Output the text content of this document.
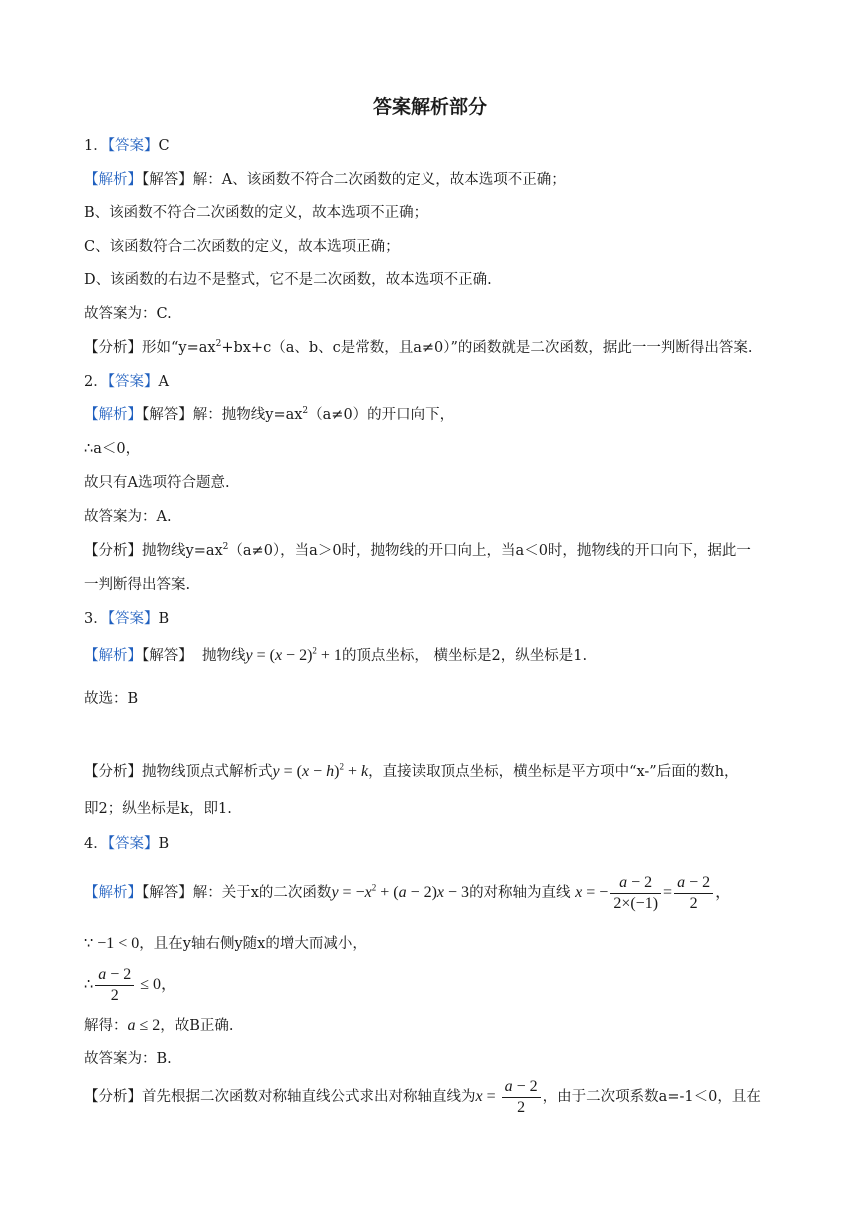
答案解析部分
1．【答案】C
【解析】【解答】解：A、该函数不符合二次函数的定义，故本选项不正确；
B、该函数不符合二次函数的定义，故本选项不正确；
C、该函数符合二次函数的定义，故本选项正确；
D、该函数的右边不是整式，它不是二次函数，故本选项不正确.
故答案为：C.
【分析】形如“$y=ax^2+bx+c(a$、b、c是常数，且a≠0）”的函数就是二次函数，据此一一判断得出答案.
2．【答案】A
【解析】【解答】解：抛物线$y=ax^2(a\ne 0)$的开口向下，
∴a＜0，
故只有A选项符合题意.
故答案为：A.
【分析】抛物线$y=ax^2(a\ne 0)$，当a＞0时，抛物线的开口向上，当a＜0时，抛物线的开口向下，据此一
一判断得出答案.
3．【答案】B
【解析】【解答】 抛物线$y = (x - 2)^2 + 1$的顶点坐标， 横坐标是2，纵坐标是1.
故选：B
【分析】抛物线顶点式解析式$y = (x - h)^2 + k$，直接读取顶点坐标，横坐标是平方项中“x-”后面的数h，
即2；纵坐标是k，即1.
4．【答案】B
【解析】【解答】解：关于x的二次函数$y = -x^2 + (a - 2)x - 3$的对称轴为直线 x = − $\frac{a - 2}{2\times(-1)} = \frac{a - 2}{2}$ ，
∵ −1 < 0，且在y轴右侧y随x的增大而减小，
∴ $\frac{a - 2}{2} \le 0$，
解得：a ≤ 2，故B正确.
故答案为：B.
【分析】首先根据二次函数对称轴直线公式求出对称轴直线为$x = \frac{a - 2}{2}$ ，由于二次项系数a=-1＜0，且在
